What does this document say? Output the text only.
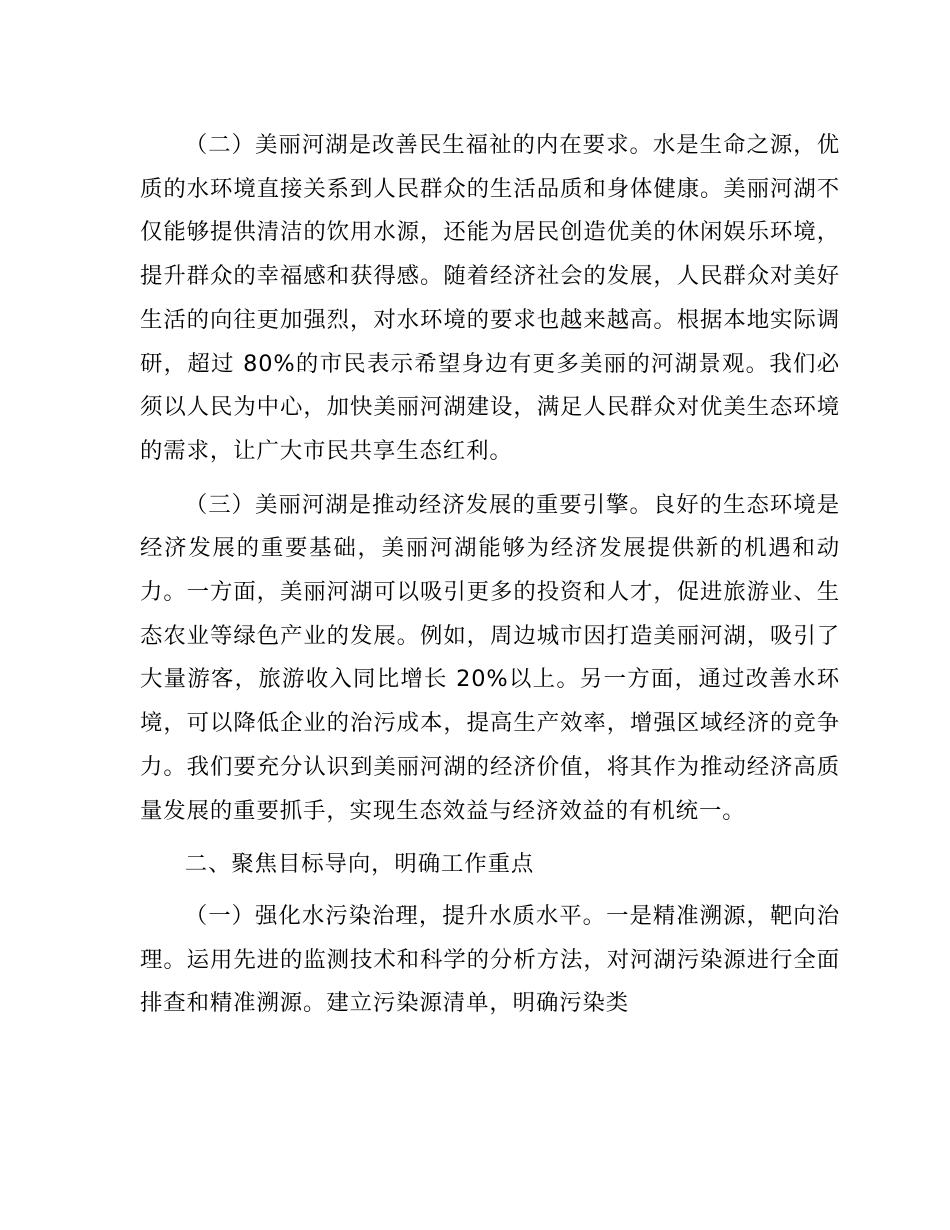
（二）美丽河湖是改善民生福祉的内在要求。水是生命之源，优质的水环境直接关系到人民群众的生活品质和身体健康。美丽河湖不仅能够提供清洁的饮用水源，还能为居民创造优美的休闲娱乐环境，提升群众的幸福感和获得感。随着经济社会的发展，人民群众对美好生活的向往更加强烈，对水环境的要求也越来越高。根据本地实际调研，超过 80%的市民表示希望身边有更多美丽的河湖景观。我们必须以人民为中心，加快美丽河湖建设，满足人民群众对优美生态环境的需求，让广大市民共享生态红利。

（三）美丽河湖是推动经济发展的重要引擎。良好的生态环境是经济发展的重要基础，美丽河湖能够为经济发展提供新的机遇和动力。一方面，美丽河湖可以吸引更多的投资和人才，促进旅游业、生态农业等绿色产业的发展。例如，周边城市因打造美丽河湖，吸引了大量游客，旅游收入同比增长 20%以上。另一方面，通过改善水环境，可以降低企业的治污成本，提高生产效率，增强区域经济的竞争力。我们要充分认识到美丽河湖的经济价值，将其作为推动经济高质量发展的重要抓手，实现生态效益与经济效益的有机统一。

二、聚焦目标导向，明确工作重点

（一）强化水污染治理，提升水质水平。一是精准溯源，靶向治理。运用先进的监测技术和科学的分析方法，对河湖污染源进行全面排查和精准溯源。建立污染源清单，明确污染类
